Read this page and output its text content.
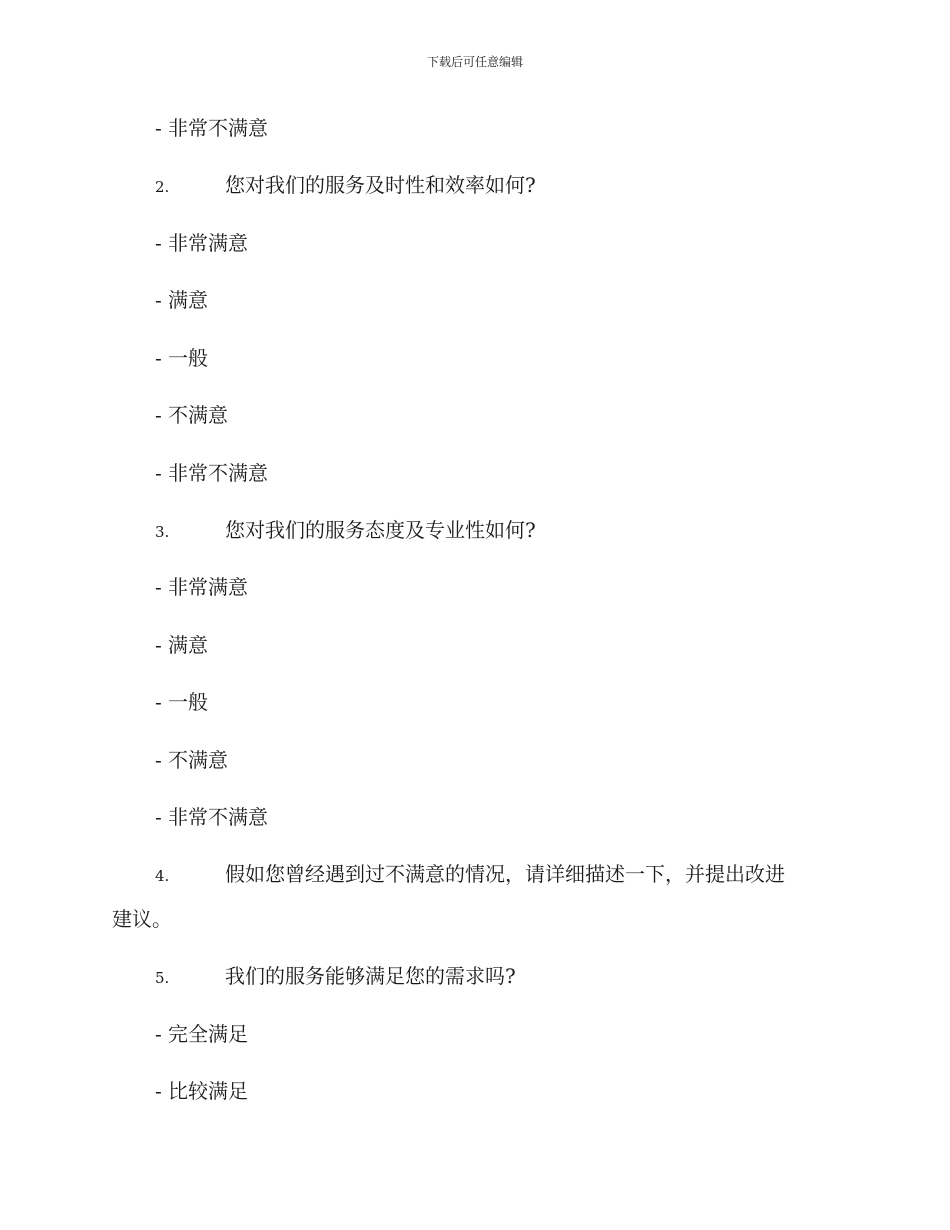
下载后可任意编辑
- 非常不满意
2.	您对我们的服务及时性和效率如何?
- 非常满意
- 满意
- 一般
- 不满意
- 非常不满意
3.	您对我们的服务态度及专业性如何?
- 非常满意
- 满意
- 一般
- 不满意
- 非常不满意
4.	假如您曾经遇到过不满意的情况，请详细描述一下，并提出改进
建议。
5.	我们的服务能够满足您的需求吗?
- 完全满足
- 比较满足
